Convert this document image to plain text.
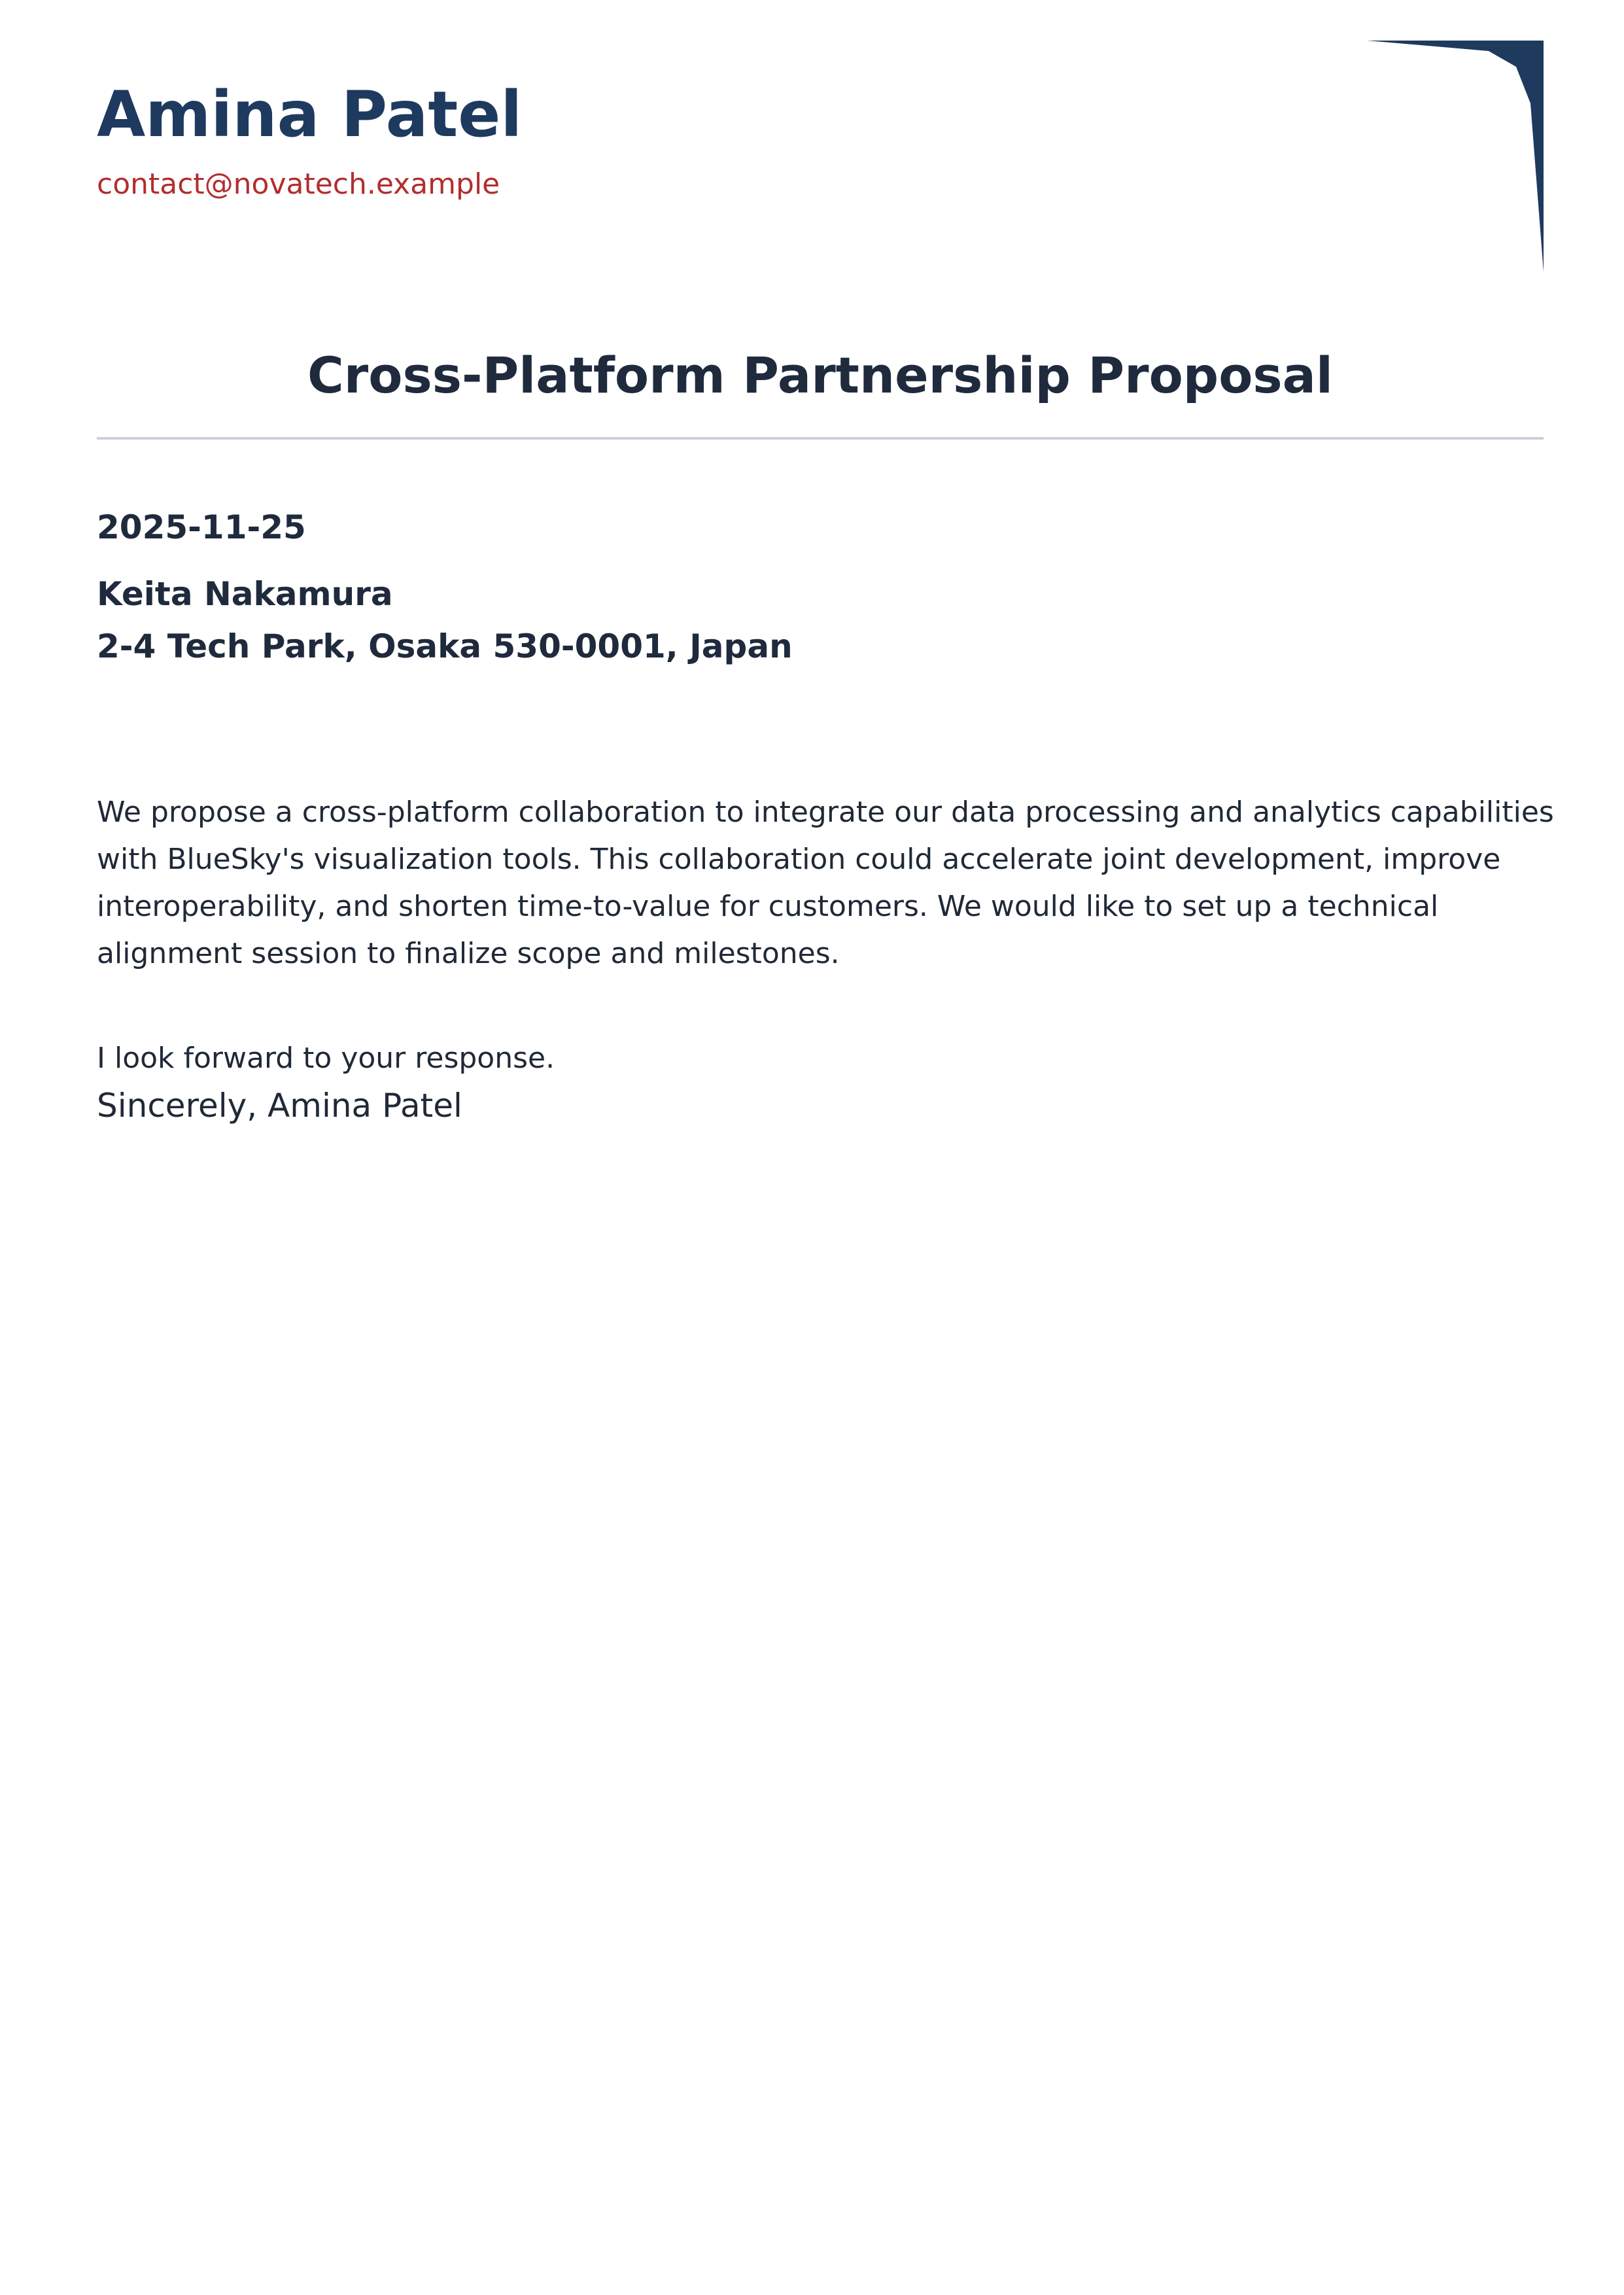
Amina Patel
contact@novatech.example
Cross-Platform Partnership Proposal
2025-11-25
Keita Nakamura
2-4 Tech Park, Osaka 530-0001, Japan
We propose a cross-platform collaboration to integrate our data processing and analytics capabilities with BlueSky's visualization tools. This collaboration could accelerate joint development, improve interoperability, and shorten time-to-value for customers. We would like to set up a technical alignment session to finalize scope and milestones.
I look forward to your response.
Sincerely, Amina Patel
